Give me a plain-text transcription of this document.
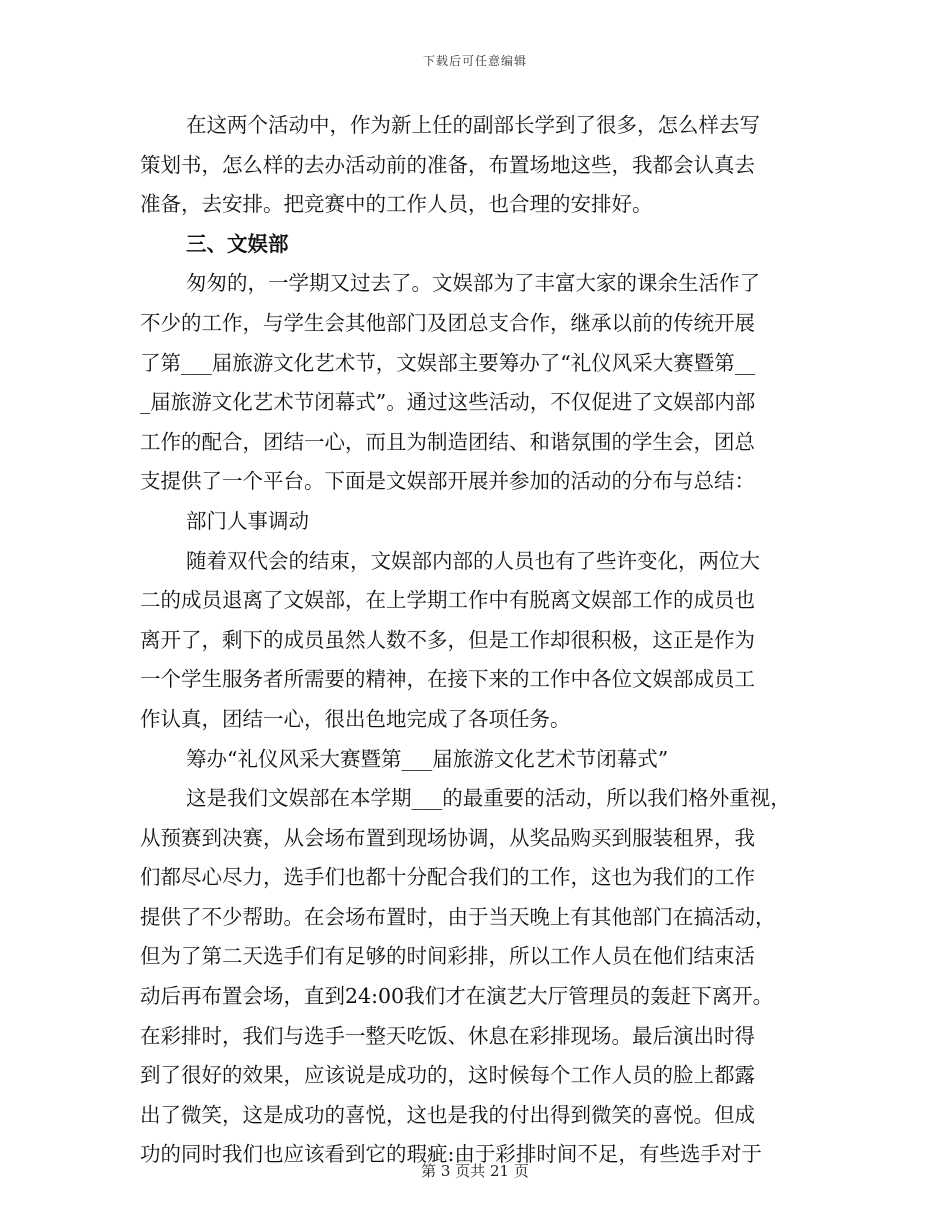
下载后可任意编辑
在这两个活动中，作为新上任的副部长学到了很多，怎么样去写
策划书，怎么样的去办活动前的准备，布置场地这些，我都会认真去
准备，去安排。把竞赛中的工作人员，也合理的安排好。
三、文娱部
匆匆的，一学期又过去了。文娱部为了丰富大家的课余生活作了
不少的工作，与学生会其他部门及团总支合作，继承以前的传统开展
了第___届旅游文化艺术节，文娱部主要筹办了“礼仪风采大赛暨第__
_届旅游文化艺术节闭幕式”。通过这些活动，不仅促进了文娱部内部
工作的配合，团结一心，而且为制造团结、和谐氛围的学生会，团总
支提供了一个平台。下面是文娱部开展并参加的活动的分布与总结：
部门人事调动
随着双代会的结束，文娱部内部的人员也有了些许变化，两位大
二的成员退离了文娱部，在上学期工作中有脱离文娱部工作的成员也
离开了，剩下的成员虽然人数不多，但是工作却很积极，这正是作为
一个学生服务者所需要的精神，在接下来的工作中各位文娱部成员工
作认真，团结一心，很出色地完成了各项任务。
筹办“礼仪风采大赛暨第___届旅游文化艺术节闭幕式”
这是我们文娱部在本学期___的最重要的活动，所以我们格外重视，
从预赛到决赛，从会场布置到现场协调，从奖品购买到服装租界，我
们都尽心尽力，选手们也都十分配合我们的工作，这也为我们的工作
提供了不少帮助。在会场布置时，由于当天晚上有其他部门在搞活动，
但为了第二天选手们有足够的时间彩排，所以工作人员在他们结束活
动后再布置会场，直到24:00我们才在演艺大厅管理员的轰赶下离开。
在彩排时，我们与选手一整天吃饭、休息在彩排现场。最后演出时得
到了很好的效果，应该说是成功的，这时候每个工作人员的脸上都露
出了微笑，这是成功的喜悦，这也是我的付出得到微笑的喜悦。但成
功的同时我们也应该看到它的瑕疵:由于彩排时间不足，有些选手对于
第 3 页共 21 页
